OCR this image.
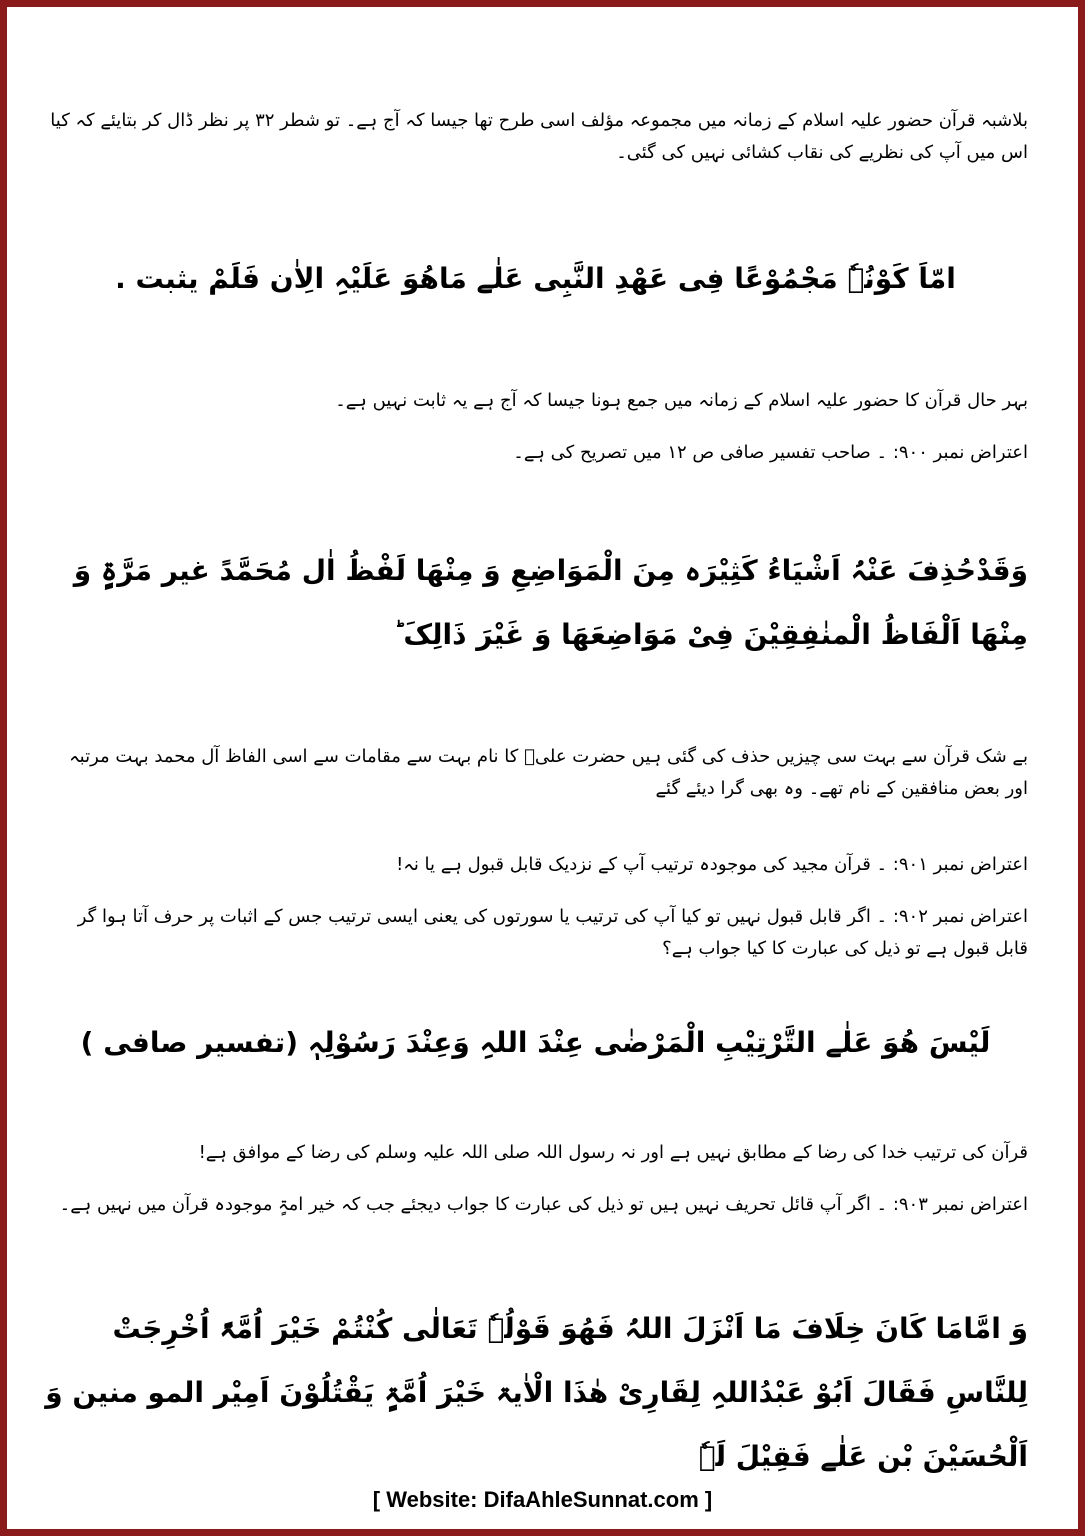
بلاشبہ قرآن حضور علیہ اسلام کے زمانہ میں مجموعہ مؤلف اسی طرح تھا جیسا کہ آج ہے۔ تو شطر ۳۲ پر نظر ڈال کر بتایئے کہ کیا اس میں آپ کی نظریے کی نقاب کشائی نہیں کی گئی۔
امّاَ کَوْنُہٗ مَجْمُوْعًا فِی عَھْدِ النَّبِی عَلٰے مَاھُوَ عَلَیْہِ الِاٰن فَلَمْ یثبت .
بہر حال قرآن کا حضور علیہ اسلام کے زمانہ میں جمع ہونا جیسا کہ آج ہے یہ ثابت نہیں ہے۔
اعتراض نمبر ۹۰۰: ۔ صاحب تفسیر صافی ص ۱۲ میں تصریح کی ہے۔
وَقَدْحُذِفَ عَنْہُ اَشْیَاءُ کَثِیْرَہ مِنَ الْمَوَاضِعِ وَ مِنْھَا لَفْظُ اٰل مُحَمَّدً غیر مَرَّۃٍ وَ مِنْھَا اَلْفَاظُ الْمنٰفِقِیْنَ فِیْ مَوَاضِعَھَا وَ غَیْرَ ذَالِکَ ؕ
بے شک قرآن سے بہت سی چیزیں حذف کی گئی ہیں حضرت علیؓ کا نام بہت سے مقامات سے اسی الفاظ آل محمد بہت مرتبہ اور بعض منافقین کے نام تھے۔ وہ بھی گرا دیئے گئے
اعتراض نمبر ۹۰۱: ۔ قرآن مجید کی موجودہ ترتیب آپ کے نزدیک قابل قبول ہے یا نہ!
اعتراض نمبر ۹۰۲: ۔ اگر قابل قبول نہیں تو کیا آپ کی ترتیب یا سورتوں کی یعنی ایسی ترتیب جس کے اثبات پر حرف آتا ہوا گر قابل قبول ہے تو ذیل کی عبارت کا کیا جواب ہے؟
لَیْسَ ھُوَ عَلٰے التَّرْتِیْبِ الْمَرْضٰی عِنْدَ اللہِ وَعِنْدَ رَسُوْلِہٖ (تفسیر صافی )
قرآن کی ترتیب خدا کی رضا کے مطابق نہیں ہے اور نہ رسول اللہ صلی اللہ علیہ وسلم کی رضا کے موافق ہے!
اعتراض نمبر ۹۰۳: ۔ اگر آپ قائل تحریف نہیں ہیں تو ذیل کی عبارت کا جواب دیجئے جب کہ خیر امۃٍ موجودہ قرآن میں نہیں ہے۔
وَ امَّامَا کَانَ خِلَافَ مَا اَنْزَلَ اللہُ فَھُوَ قَوْلُہٗ تَعَالٰی کُنْتُمْ خَیْرَ اُمَّۃً اُخْرِجَتْ لِلنَّاسِ فَقَالَ اَبُوْ عَبْدُاللہِ لِقَارِیْ ھٰذَا الْاٰیۃ خَیْرَ اُمَّۃٍ یَقْتُلُوْنَ اَمِیْر المو منین وَ اَلْحُسَیْنَ بْن عَلٰے فَقِیْلَ لَہٗ
[ Website: DifaAhleSunnat.com ]
